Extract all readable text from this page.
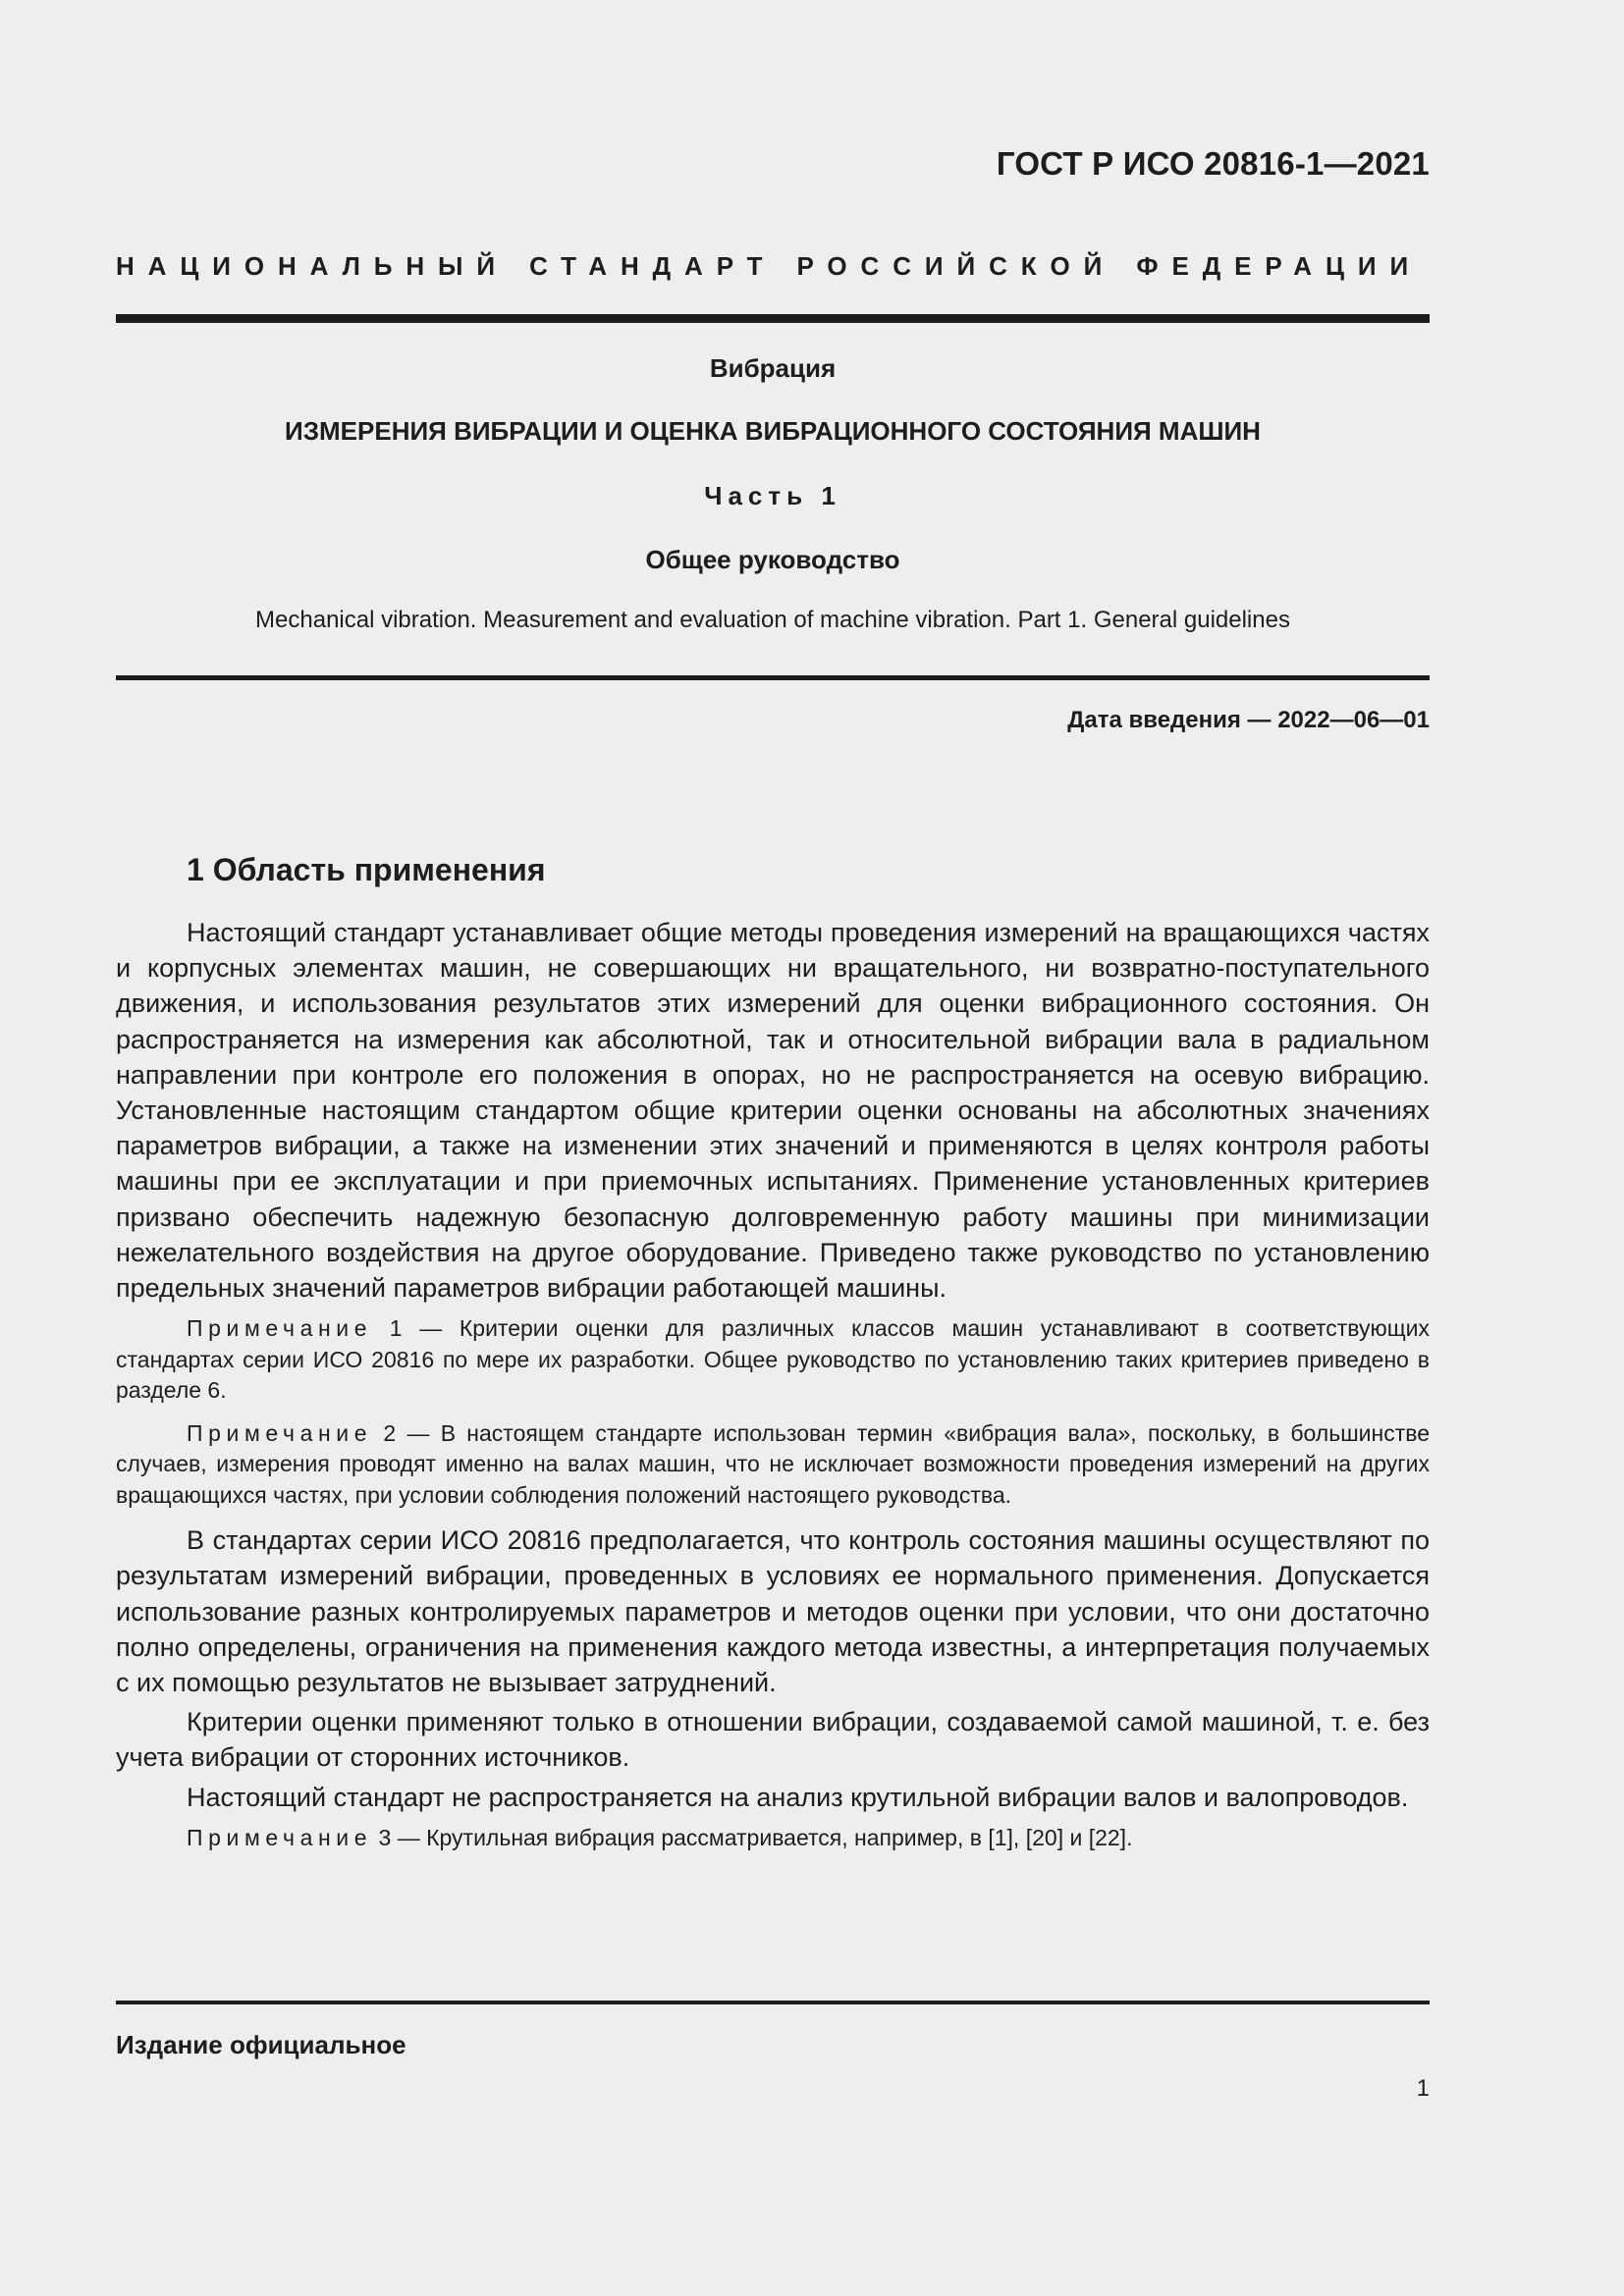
ГОСТ Р ИСО 20816-1—2021
НАЦИОНАЛЬНЫЙ СТАНДАРТ РОССИЙСКОЙ ФЕДЕРАЦИИ
Вибрация
ИЗМЕРЕНИЯ ВИБРАЦИИ И ОЦЕНКА ВИБРАЦИОННОГО СОСТОЯНИЯ МАШИН
Часть 1
Общее руководство
Mechanical vibration. Measurement and evaluation of machine vibration. Part 1. General guidelines
Дата введения — 2022—06—01
1 Область применения

Настоящий стандарт устанавливает общие методы проведения измерений на вращающихся частях и корпусных элементах машин, не совершающих ни вращательного, ни возвратно-поступательного движения, и использования результатов этих измерений для оценки вибрационного состояния. Он распространяется на измерения как абсолютной, так и относительной вибрации вала в радиальном направлении при контроле его положения в опорах, но не распространяется на осевую вибрацию. Установленные настоящим стандартом общие критерии оценки основаны на абсолютных значениях параметров вибрации, а также на изменении этих значений и применяются в целях контроля работы машины при ее эксплуатации и при приемочных испытаниях. Применение установленных критериев призвано обеспечить надежную безопасную долговременную работу машины при минимизации нежелательного воздействия на другое оборудование. Приведено также руководство по установлению предельных значений параметров вибрации работающей машины.

Примечание 1 — Критерии оценки для различных классов машин устанавливают в соответствующих стандартах серии ИСО 20816 по мере их разработки. Общее руководство по установлению таких критериев приведено в разделе 6.

Примечание 2 — В настоящем стандарте использован термин «вибрация вала», поскольку, в большинстве случаев, измерения проводят именно на валах машин, что не исключает возможности проведения измерений на других вращающихся частях, при условии соблюдения положений настоящего руководства.

В стандартах серии ИСО 20816 предполагается, что контроль состояния машины осуществляют по результатам измерений вибрации, проведенных в условиях ее нормального применения. Допускается использование разных контролируемых параметров и методов оценки при условии, что они достаточно полно определены, ограничения на применения каждого метода известны, а интерпретация получаемых с их помощью результатов не вызывает затруднений.

Критерии оценки применяют только в отношении вибрации, создаваемой самой машиной, т. е. без учета вибрации от сторонних источников.

Настоящий стандарт не распространяется на анализ крутильной вибрации валов и валопроводов.

Примечание 3 — Крутильная вибрация рассматривается, например, в [1], [20] и [22].

Издание официальное
1
